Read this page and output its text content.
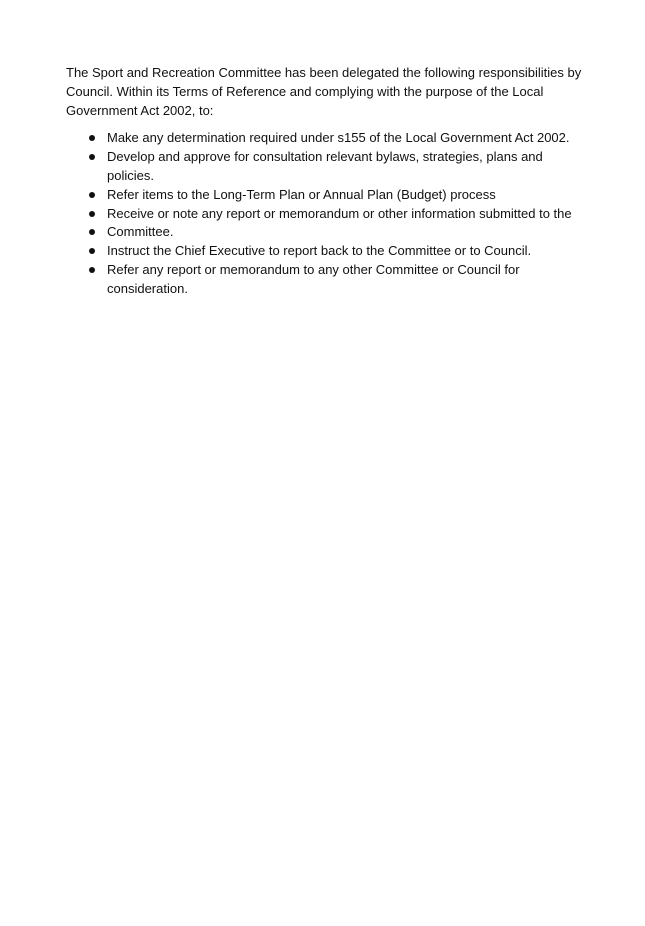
The Sport and Recreation Committee has been delegated the following responsibilities by Council. Within its Terms of Reference and complying with the purpose of the Local Government Act 2002, to:

Make any determination required under s155 of the Local Government Act 2002.
Develop and approve for consultation relevant bylaws, strategies, plans and policies.
Refer items to the Long-Term Plan or Annual Plan (Budget) process
Receive or note any report or memorandum or other information submitted to the
Committee.
Instruct the Chief Executive to report back to the Committee or to Council.
Refer any report or memorandum to any other Committee or Council for consideration.
